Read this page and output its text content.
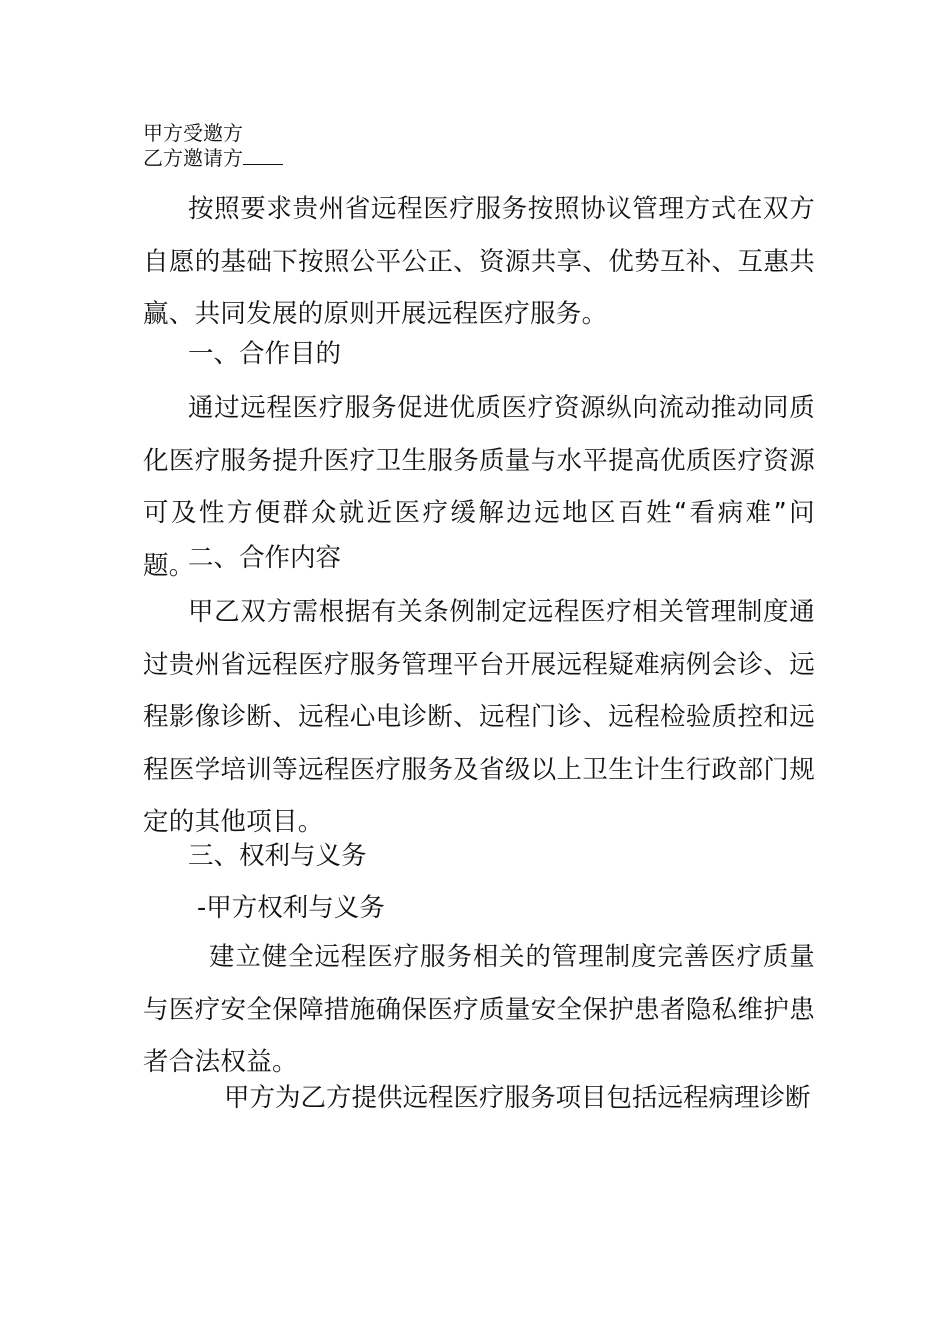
甲方受邀方
乙方邀请方

按照要求贵州省远程医疗服务按照协议管理方式在双方自愿的基础下按照公平公正、资源共享、优势互补、互惠共赢、共同发展的原则开展远程医疗服务。

一、合作目的

通过远程医疗服务促进优质医疗资源纵向流动推动同质化医疗服务提升医疗卫生服务质量与水平提高优质医疗资源可及性方便群众就近医疗缓解边远地区百姓“看病难”问题。

二、合作内容

甲乙双方需根据有关条例制定远程医疗相关管理制度通过贵州省远程医疗服务管理平台开展远程疑难病例会诊、远程影像诊断、远程心电诊断、远程门诊、远程检验质控和远程医学培训等远程医疗服务及省级以上卫生计生行政部门规定的其他项目。

三、权利与义务

-甲方权利与义务

建立健全远程医疗服务相关的管理制度完善医疗质量与医疗安全保障措施确保医疗质量安全保护患者隐私维护患者合法权益。

甲方为乙方提供远程医疗服务项目包括远程病理诊断
